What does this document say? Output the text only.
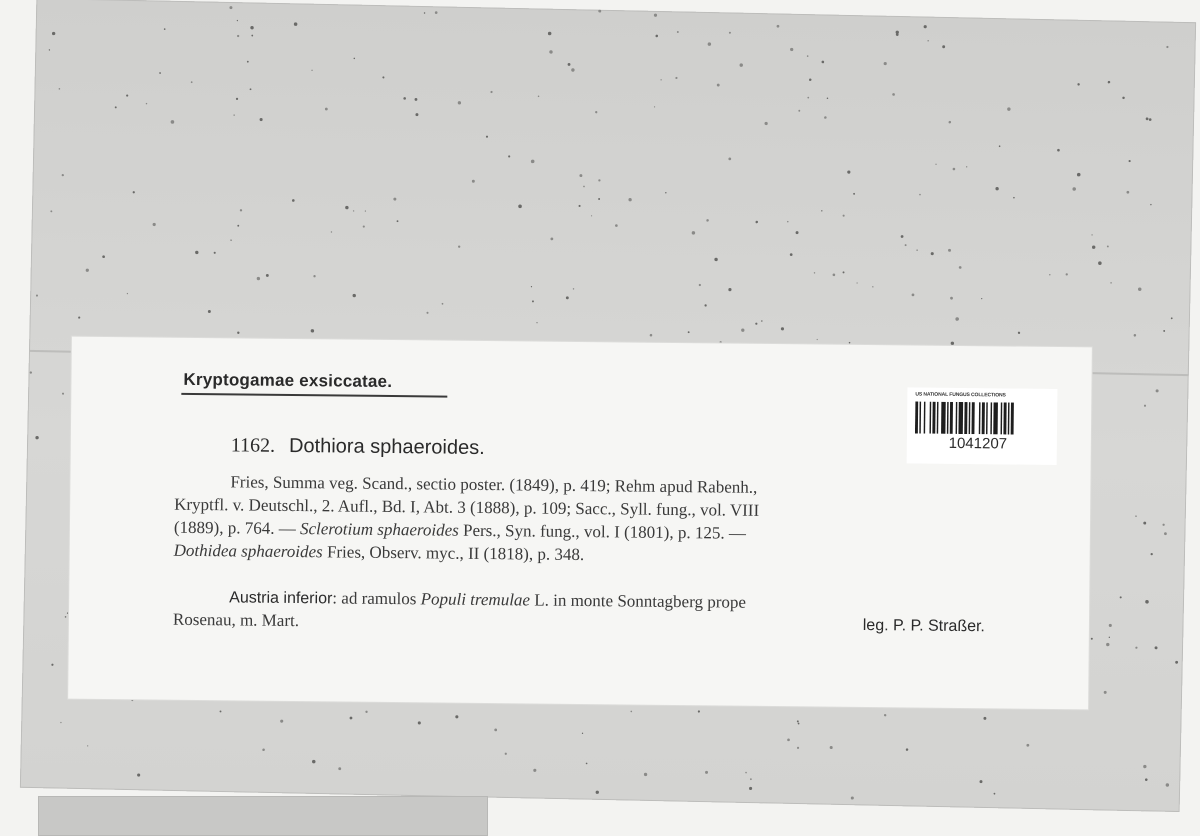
Kryptogamae exsiccatae.
US NATIONAL FUNGUS COLLECTIONS
1041207
1162. Dothiora sphaeroides.
Fries, Summa veg. Scand., sectio poster. (1849), p. 419; Rehm apud Rabenh.,
Kryptfl. v. Deutschl., 2. Aufl., Bd. I, Abt. 3 (1888), p. 109; Sacc., Syll. fung., vol. VIII
(1889), p. 764. — Sclerotium sphaeroides Pers., Syn. fung., vol. I (1801), p. 125. —
Dothidea sphaeroides Fries, Observ. myc., II (1818), p. 348.
Austria inferior: ad ramulos Populi tremulae L. in monte Sonntagberg prope
Rosenau, m. Mart.	leg. P. P. Straßer.
